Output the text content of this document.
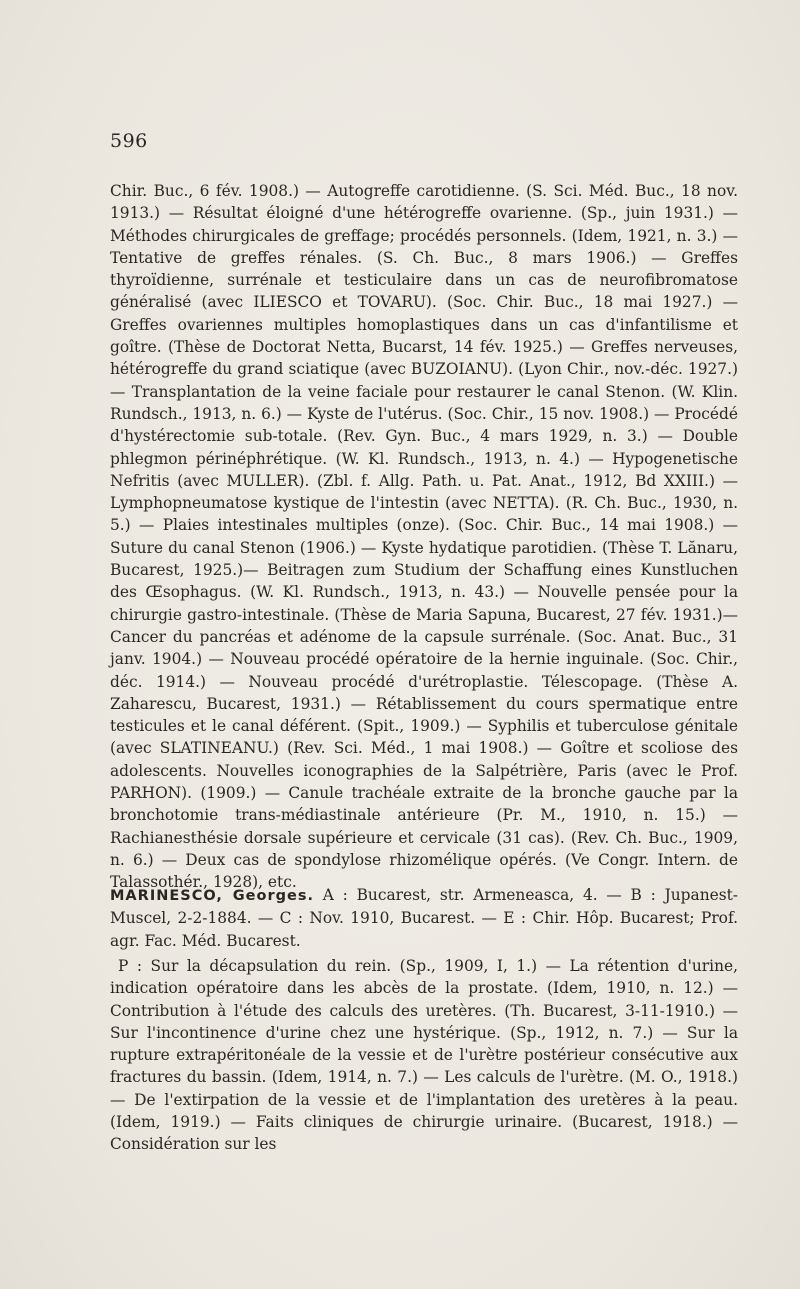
596
Chir. Buc., 6 fév. 1908.) — Autogreffe carotidienne. (S. Sci. Méd. Buc., 18 nov. 1913.) — Résultat éloigné d'une hétérogreffe ovarienne. (Sp., juin 1931.) — Méthodes chirurgicales de greffage; procédés personnels. (Idem, 1921, n. 3.) — Tentative de greffes rénales. (S. Ch. Buc., 8 mars 1906.) — Greffes thyroïdienne, surrénale et testiculaire dans un cas de neurofibromatose généralisé (avec ILIESCO et TOVARU). (Soc. Chir. Buc., 18 mai 1927.) — Greffes ovariennes multiples homoplastiques dans un cas d'infantilisme et goître. (Thèse de Doctorat Netta, Bucarst, 14 fév. 1925.) — Greffes nerveuses, hétérogreffe du grand sciatique (avec BUZOIANU). (Lyon Chir., nov.-déc. 1927.) — Transplantation de la veine faciale pour restaurer le canal Stenon. (W. Klin. Rundsch., 1913, n. 6.) — Kyste de l'utérus. (Soc. Chir., 15 nov. 1908.) — Procédé d'hystérectomie sub-totale. (Rev. Gyn. Buc., 4 mars 1929, n. 3.) — Double phlegmon périnéphrétique. (W. Kl. Rundsch., 1913, n. 4.) — Hypogenetische Nefritis (avec MULLER). (Zbl. f. Allg. Path. u. Pat. Anat., 1912, Bd XXIII.) — Lymphopneumatose kystique de l'intestin (avec NETTA). (R. Ch. Buc., 1930, n. 5.) — Plaies intestinales multiples (onze). (Soc. Chir. Buc., 14 mai 1908.) — Suture du canal Stenon (1906.) — Kyste hydatique parotidien. (Thèse T. Lănaru, Bucarest, 1925.)— Beitragen zum Studium der Schaffung eines Kunstluchen des Œsophagus. (W. Kl. Rundsch., 1913, n. 43.) — Nouvelle pensée pour la chirurgie gastro-intestinale. (Thèse de Maria Sapuna, Bucarest, 27 fév. 1931.)— Cancer du pancréas et adénome de la capsule surrénale. (Soc. Anat. Buc., 31 janv. 1904.) — Nouveau procédé opératoire de la hernie inguinale. (Soc. Chir., déc. 1914.) — Nouveau procédé d'urétroplastie. Télescopage. (Thèse A. Zaharescu, Bucarest, 1931.) — Rétablissement du cours spermatique entre testicules et le canal déférent. (Spit., 1909.) — Syphilis et tuberculose génitale (avec SLATINEANU.) (Rev. Sci. Méd., 1 mai 1908.) — Goître et scoliose des adolescents. Nouvelles iconographies de la Salpétrière, Paris (avec le Prof. PARHON). (1909.) — Canule trachéale extraite de la bronche gauche par la bronchotomie trans-médiastinale antérieure (Pr. M., 1910, n. 15.) — Rachianesthésie dorsale supérieure et cervicale (31 cas). (Rev. Ch. Buc., 1909, n. 6.) — Deux cas de spondylose rhizomélique opérés. (Ve Congr. Intern. de Talassothér., 1928), etc.
MARINESCO, Georges. A : Bucarest, str. Armeneasca, 4. — B : Jupanest-Muscel, 2-2-1884. — C : Nov. 1910, Bucarest. — E : Chir. Hôp. Bucarest; Prof. agr. Fac. Méd. Bucarest.
P : Sur la décapsulation du rein. (Sp., 1909, I, 1.) — La rétention d'urine, indication opératoire dans les abcès de la prostate. (Idem, 1910, n. 12.) — Contribution à l'étude des calculs des uretères. (Th. Bucarest, 3-11-1910.) — Sur l'incontinence d'urine chez une hystérique. (Sp., 1912, n. 7.) — Sur la rupture extrapéritonéale de la vessie et de l'urètre postérieur consécutive aux fractures du bassin. (Idem, 1914, n. 7.) — Les calculs de l'urètre. (M. O., 1918.) — De l'extirpation de la vessie et de l'implantation des uretères à la peau. (Idem, 1919.) — Faits cliniques de chirurgie urinaire. (Bucarest, 1918.) — Considération sur les
